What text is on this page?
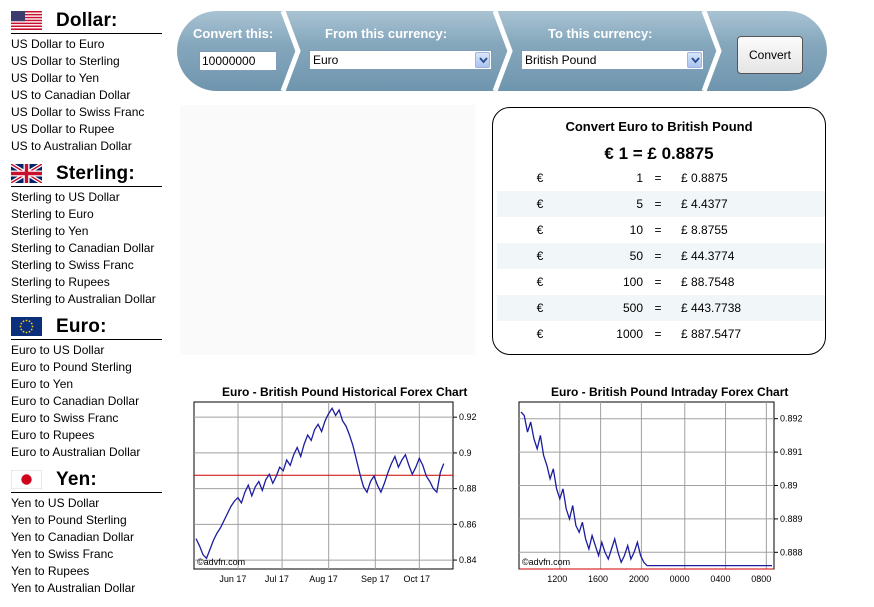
Dollar:
US Dollar to Euro
US Dollar to Sterling
US Dollar to Yen
US to Canadian Dollar
US Dollar to Swiss Franc
US Dollar to Rupee
US to Australian Dollar
Sterling:
Sterling to US Dollar
Sterling to Euro
Sterling to Yen
Sterling to Canadian Dollar
Sterling to Swiss Franc
Sterling to Rupees
Sterling to Australian Dollar
Euro:
Euro to US Dollar
Euro to Pound Sterling
Euro to Yen
Euro to Canadian Dollar
Euro to Swiss Franc
Euro to Rupees
Euro to Australian Dollar
Yen:
Yen to US Dollar
Yen to Pound Sterling
Yen to Canadian Dollar
Yen to Swiss Franc
Yen to Rupees
Yen to Australian Dollar
Convert this:
10000000	From this currency:
Euro
To this currency:
British Pound	Convert
Convert Euro to British Pound
€ 1 = £ 0.8875
€	1	=	£ 0.8875
€	5	=	£ 4.4377
€	10	=	£ 8.8755
€	50	=	£ 44.3774
€	100	=	£ 88.7548
€	500	=	£ 443.7738
€	1000	=	£ 887.5477
Euro - British Pound Historical Forex Chart
0.92
0.9
0.88
0.86
0.84
Jun 17 Jul 17 Aug 17	Sep 17 Oct 17
©advfn.com
Euro - British Pound Intraday Forex Chart
0.892
0.891
0.89
0.889
0.888
1200 1600 2000 0000 0400 0800
©advfn.com
